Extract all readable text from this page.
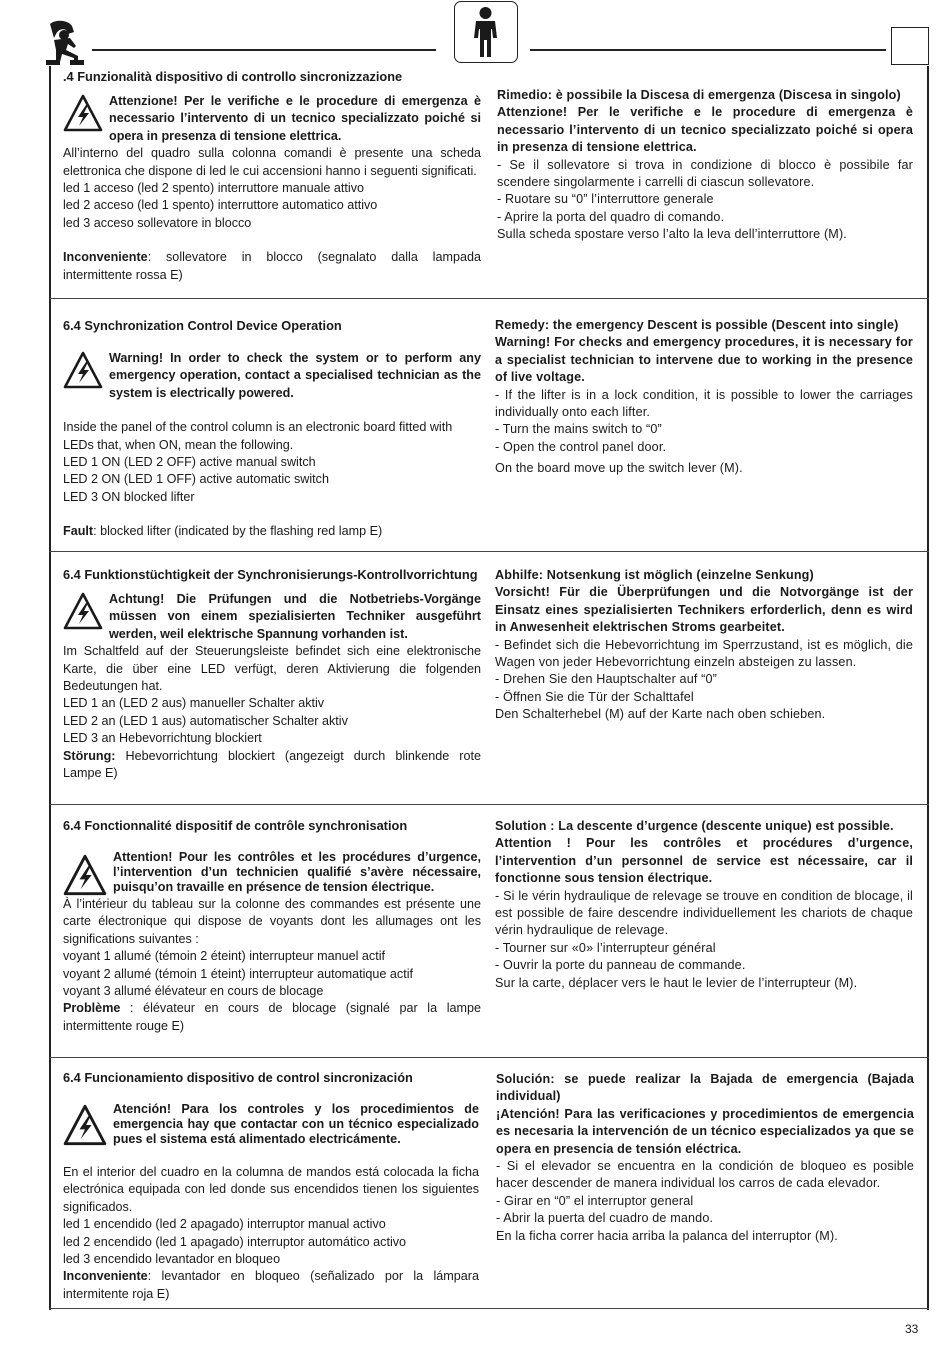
.4 Funzionalità dispositivo di controllo sincronizzazione

Attenzione! Per le verifiche e le procedure di emergenza è necessario l’intervento di un tecnico specializzato poiché si opera in presenza di tensione elettrica.

All’interno del quadro sulla colonna comandi è presente una scheda elettronica che dispone di led le cui accensioni hanno i seguenti significati.

led 1 acceso (led 2 spento) interruttore manuale attivo

led 2 acceso (led 1 spento) interruttore automatico attivo

led 3 acceso sollevatore in blocco

Inconveniente: sollevatore in blocco (segnalato dalla lampada intermittente rossa E)

Rimedio: è possibile la Discesa di emergenza (Discesa in singolo)

Attenzione! Per le verifiche e le procedure di emergenza è necessario l’intervento di un tecnico specializzato poiché si opera in presenza di tensione elettrica.

- Se il sollevatore si trova in condizione di blocco è possibile far scendere singolarmente i carrelli di ciascun sollevatore.

- Ruotare su “0” l’interruttore generale

- Aprire la porta del quadro di comando.

Sulla scheda spostare verso l’alto la leva dell’interruttore (M).

6.4 Synchronization Control Device Operation

Warning! In order to check the system or to perform any emergency operation, contact a specialised technician as the system is electrically powered.

Inside the panel of the control column is an electronic board fitted with LEDs that, when ON, mean the following.

LED 1 ON (LED 2 OFF) active manual switch

LED 2 ON (LED 1 OFF) active automatic switch

LED 3 ON blocked lifter

Fault: blocked lifter (indicated by the flashing red lamp E)

Remedy: the emergency Descent is possible (Descent into single)

Warning! For checks and emergency procedures, it is necessary for a specialist technician to intervene due to working in the presence of live voltage.

- If the lifter is in a lock condition, it is possible to lower the carriages individually onto each lifter.

- Turn the mains switch to “0”

- Open the control panel door.

On the board move up the switch lever (M).

6.4 Funktionstüchtigkeit der Synchronisierungs-Kontrollvorrichtung

Achtung! Die Prüfungen und die Notbetriebs-Vorgänge müssen von einem spezialisierten Techniker ausgeführt werden, weil elektrische Spannung vorhanden ist.

Im Schaltfeld auf der Steuerungsleiste befindet sich eine elektronische Karte, die über eine LED verfügt, deren Aktivierung die folgenden Bedeutungen hat.

LED 1 an (LED 2 aus) manueller Schalter aktiv

LED 2 an (LED 1 aus) automatischer Schalter aktiv

LED 3 an Hebevorrichtung blockiert

Störung: Hebevorrichtung blockiert (angezeigt durch blinkende rote Lampe E)

Abhilfe: Notsenkung ist möglich (einzelne Senkung)

Vorsicht! Für die Überprüfungen und die Notvorgänge ist der Einsatz eines spezialisierten Technikers erforderlich, denn es wird in Anwesenheit elektrischen Stroms gearbeitet.

- Befindet sich die Hebevorrichtung im Sperrzustand, ist es möglich, die Wagen von jeder Hebevorrichtung einzeln absteigen zu lassen.

- Drehen Sie den Hauptschalter auf “0”

- Öffnen Sie die Tür der Schalttafel

Den Schalterhebel (M) auf der Karte nach oben schieben.

6.4 Fonctionnalité dispositif de contrôle synchronisation

Attention! Pour les contrôles et les procédures d’urgence, l’intervention d’un technicien qualifié s’avère nécessaire, puisqu’on travaille en présence de tension électrique.

À l’intérieur du tableau sur la colonne des commandes est présente une carte électronique qui dispose de voyants dont les allumages ont les significations suivantes :

voyant 1 allumé (témoin 2 éteint) interrupteur manuel actif

voyant 2 allumé (témoin 1 éteint) interrupteur automatique actif

voyant 3 allumé élévateur en cours de blocage

Problème : élévateur en cours de blocage (signalé par la lampe intermittente rouge E)

Solution : La descente d’urgence (descente unique) est possible.

Attention ! Pour les contrôles et procédures d’urgence, l’intervention d’un personnel de service est nécessaire, car il fonctionne sous tension électrique.

- Si le vérin hydraulique de relevage se trouve en condition de blocage, il est possible de faire descendre individuellement les chariots de chaque vérin hydraulique de relevage.

- Tourner sur «0» l’interrupteur général

- Ouvrir la porte du panneau de commande.

Sur la carte, déplacer vers le haut le levier de l’interrupteur (M).

6.4 Funcionamiento dispositivo de control sincronización

Atención! Para los controles y los procedimientos de emergencia hay que contactar con un técnico especializado pues el sistema está alimentado electricámente.

En el interior del cuadro en la columna de mandos está colocada la ficha electrónica equipada con led donde sus encendidos tienen los siguientes significados.

led 1 encendido (led 2 apagado) interruptor manual activo

led 2 encendido (led 1 apagado) interruptor automático activo

led 3 encendido levantador en bloqueo

Inconveniente: levantador en bloqueo (señalizado por la lámpara intermitente roja E)

Solución: se puede realizar la Bajada de emergencia (Bajada individual)

¡Atención! Para las verificaciones y procedimientos de emergencia es necesaria la intervención de un técnico especializados ya que se opera en presencia de tensión eléctrica.

- Si el elevador se encuentra en la condición de bloqueo es posible hacer descender de manera individual los carros de cada elevador.

- Girar en “0” el interruptor general

- Abrir la puerta del cuadro de mando.

En la ficha correr hacia arriba la palanca del interruptor (M).

33
